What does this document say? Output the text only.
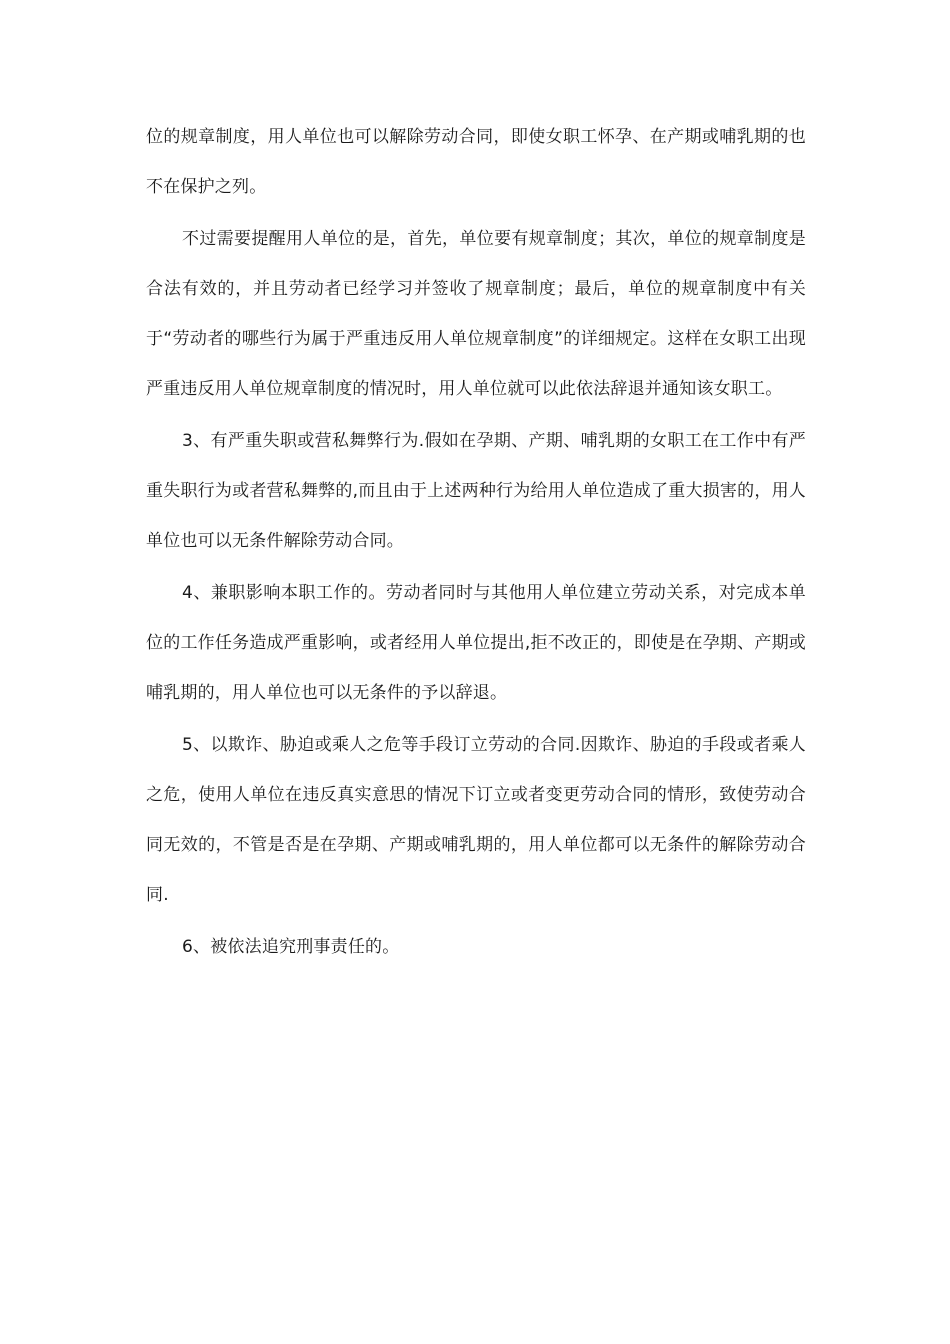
位的规章制度，用人单位也可以解除劳动合同，即使女职工怀孕、在产期或哺乳期的也不在保护之列。

不过需要提醒用人单位的是，首先，单位要有规章制度；其次，单位的规章制度是合法有效的，并且劳动者已经学习并签收了规章制度；最后，单位的规章制度中有关于“劳动者的哪些行为属于严重违反用人单位规章制度”的详细规定。这样在女职工出现严重违反用人单位规章制度的情况时，用人单位就可以此依法辞退并通知该女职工。

3、有严重失职或营私舞弊行为.假如在孕期、产期、哺乳期的女职工在工作中有严重失职行为或者营私舞弊的,而且由于上述两种行为给用人单位造成了重大损害的，用人单位也可以无条件解除劳动合同。

4、兼职影响本职工作的。劳动者同时与其他用人单位建立劳动关系，对完成本单位的工作任务造成严重影响，或者经用人单位提出,拒不改正的，即使是在孕期、产期或哺乳期的，用人单位也可以无条件的予以辞退。

5、以欺诈、胁迫或乘人之危等手段订立劳动的合同.因欺诈、胁迫的手段或者乘人之危，使用人单位在违反真实意思的情况下订立或者变更劳动合同的情形，致使劳动合同无效的，不管是否是在孕期、产期或哺乳期的，用人单位都可以无条件的解除劳动合同.

6、被依法追究刑事责任的。
